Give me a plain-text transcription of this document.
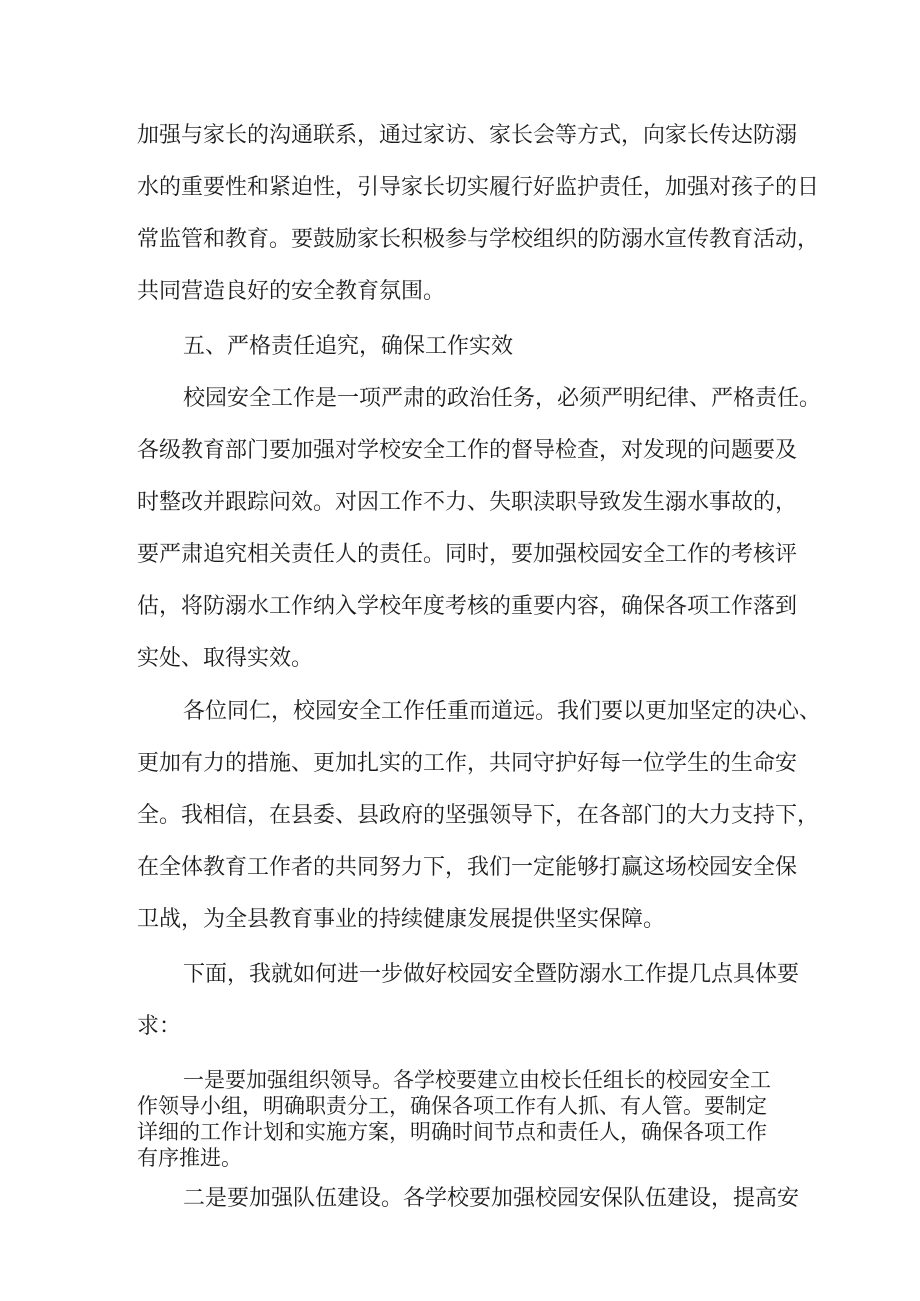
加强与家长的沟通联系，通过家访、家长会等方式，向家长传达防溺
水的重要性和紧迫性，引导家长切实履行好监护责任，加强对孩子的日
常监管和教育。要鼓励家长积极参与学校组织的防溺水宣传教育活动，
共同营造良好的安全教育氛围。
五、严格责任追究，确保工作实效
校园安全工作是一项严肃的政治任务，必须严明纪律、严格责任。
各级教育部门要加强对学校安全工作的督导检查，对发现的问题要及
时整改并跟踪问效。对因工作不力、失职渎职导致发生溺水事故的，
要严肃追究相关责任人的责任。同时，要加强校园安全工作的考核评
估，将防溺水工作纳入学校年度考核的重要内容，确保各项工作落到
实处、取得实效。
各位同仁，校园安全工作任重而道远。我们要以更加坚定的决心、
更加有力的措施、更加扎实的工作，共同守护好每一位学生的生命安
全。我相信，在县委、县政府的坚强领导下，在各部门的大力支持下，
在全体教育工作者的共同努力下，我们一定能够打赢这场校园安全保
卫战，为全县教育事业的持续健康发展提供坚实保障。
下面，我就如何进一步做好校园安全暨防溺水工作提几点具体要
求：
一是要加强组织领导。各学校要建立由校长任组长的校园安全工
作领导小组，明确职责分工，确保各项工作有人抓、有人管。要制定
详细的工作计划和实施方案，明确时间节点和责任人，确保各项工作
有序推进。
二是要加强队伍建设。各学校要加强校园安保队伍建设，提高安
